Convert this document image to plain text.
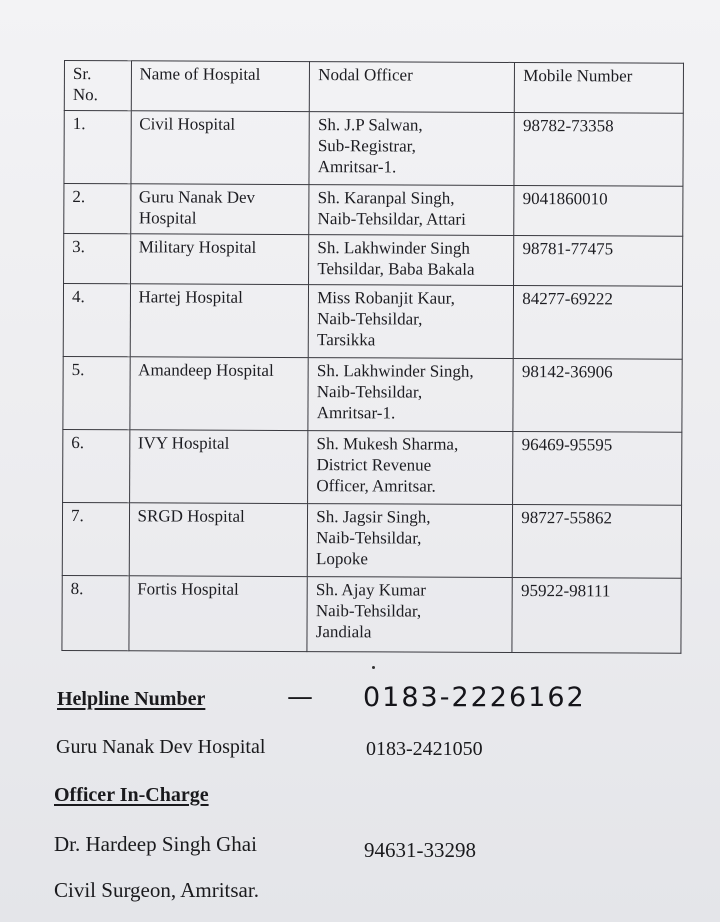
Sr.
No.	Name of Hospital	Nodal Officer	Mobile Number
1.	Civil Hospital	Sh. J.P Salwan,
Sub-Registrar,
Amritsar-1.	98782-73358
2.	Guru Nanak Dev
Hospital	Sh. Karanpal Singh,
Naib-Tehsildar, Attari	9041860010
3.	Military Hospital	Sh. Lakhwinder Singh
Tehsildar, Baba Bakala	98781-77475
4.	Hartej Hospital	Miss Robanjit Kaur,
Naib-Tehsildar,
Tarsikka	84277-69222
5.	Amandeep Hospital	Sh. Lakhwinder Singh,
Naib-Tehsildar,
Amritsar-1.	98142-36906
6.	IVY Hospital	Sh. Mukesh Sharma,
District Revenue
Officer, Amritsar.	96469-95595
7.	SRGD Hospital	Sh. Jagsir Singh,
Naib-Tehsildar,
Lopoke	98727-55862
8.	Fortis Hospital	Sh. Ajay Kumar
Naib-Tehsildar,
Jandiala	95922-98111
Helpline Number	— 0183-2226162
Guru Nanak Dev Hospital	0183-2421050
Officer In-Charge
Dr. Hardeep Singh Ghai	94631-33298
Civil Surgeon, Amritsar.
